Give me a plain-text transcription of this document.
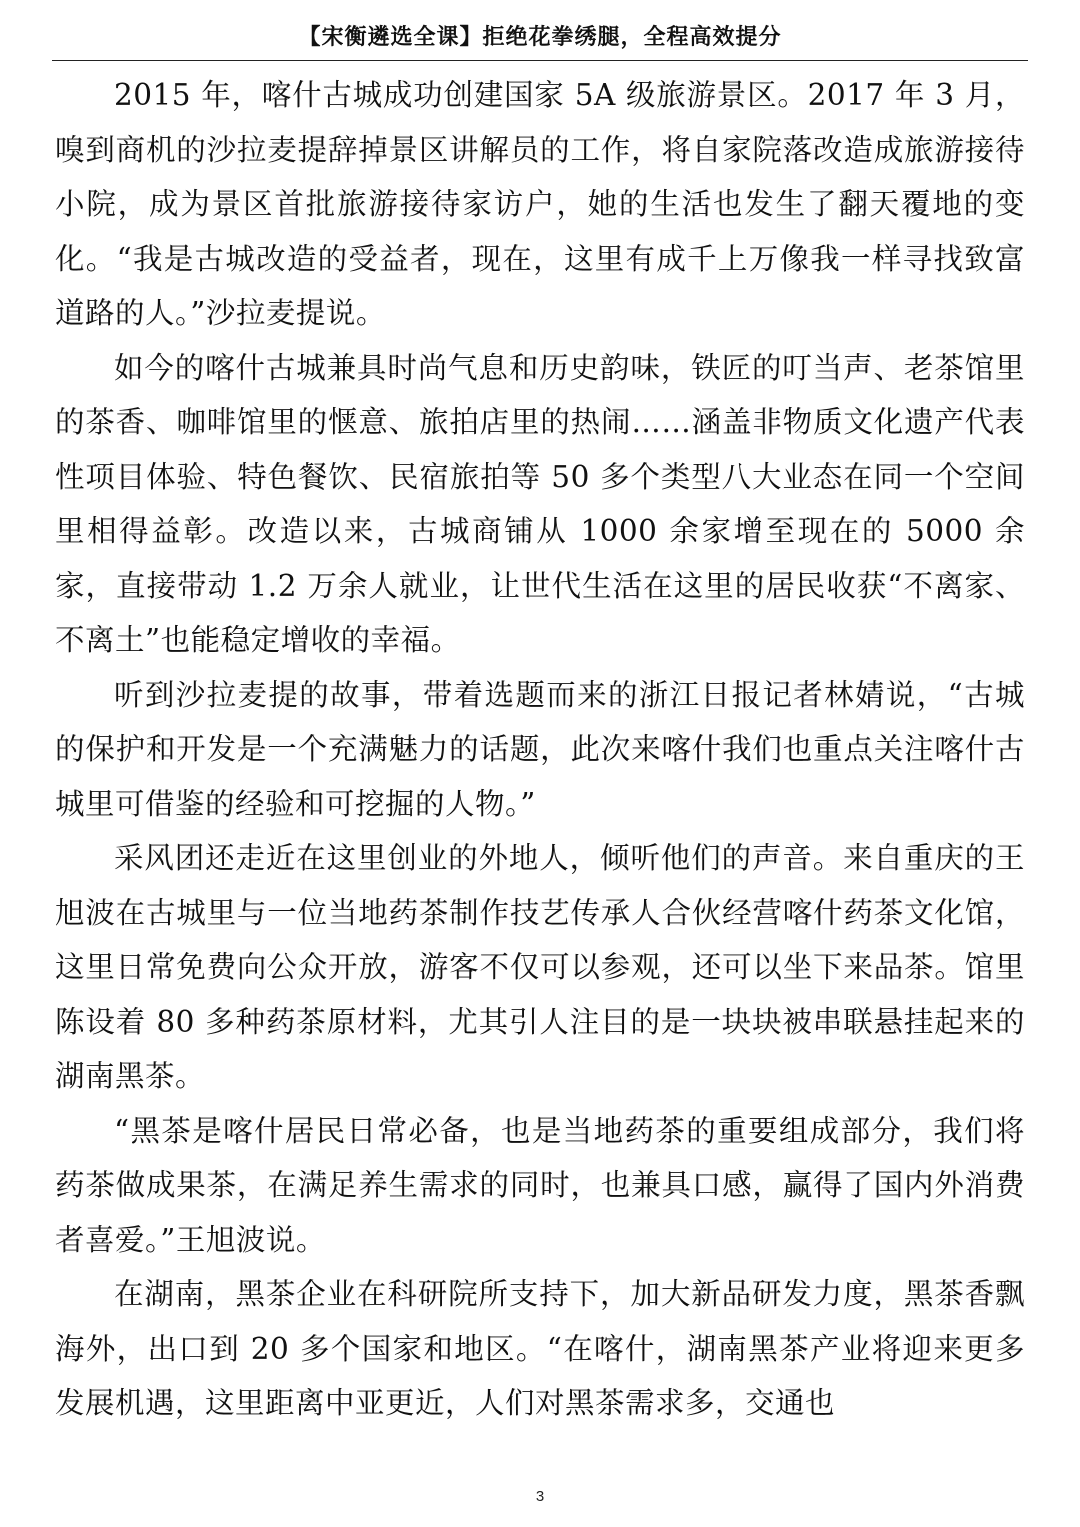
【宋衡遴选全课】拒绝花拳绣腿，全程高效提分

2015 年，喀什古城成功创建国家 5A 级旅游景区。2017 年 3 月，嗅到商机的沙拉麦提辞掉景区讲解员的工作，将自家院落改造成旅游接待小院，成为景区首批旅游接待家访户，她的生活也发生了翻天覆地的变化。“我是古城改造的受益者，现在，这里有成千上万像我一样寻找致富道路的人。”沙拉麦提说。

如今的喀什古城兼具时尚气息和历史韵味，铁匠的叮当声、老茶馆里的茶香、咖啡馆里的惬意、旅拍店里的热闹……涵盖非物质文化遗产代表性项目体验、特色餐饮、民宿旅拍等 50 多个类型八大业态在同一个空间里相得益彰。改造以来，古城商铺从 1000 余家增至现在的 5000 余家，直接带动 1.2 万余人就业，让世代生活在这里的居民收获“不离家、不离土”也能稳定增收的幸福。

听到沙拉麦提的故事，带着选题而来的浙江日报记者林婧说，“古城的保护和开发是一个充满魅力的话题，此次来喀什我们也重点关注喀什古城里可借鉴的经验和可挖掘的人物。”

采风团还走近在这里创业的外地人，倾听他们的声音。来自重庆的王旭波在古城里与一位当地药茶制作技艺传承人合伙经营喀什药茶文化馆，这里日常免费向公众开放，游客不仅可以参观，还可以坐下来品茶。馆里陈设着 80 多种药茶原材料，尤其引人注目的是一块块被串联悬挂起来的湖南黑茶。

“黑茶是喀什居民日常必备，也是当地药茶的重要组成部分，我们将药茶做成果茶，在满足养生需求的同时，也兼具口感，赢得了国内外消费者喜爱。”王旭波说。

在湖南，黑茶企业在科研院所支持下，加大新品研发力度，黑茶香飘海外，出口到 20 多个国家和地区。“在喀什，湖南黑茶产业将迎来更多发展机遇，这里距离中亚更近，人们对黑茶需求多，交通也

3
